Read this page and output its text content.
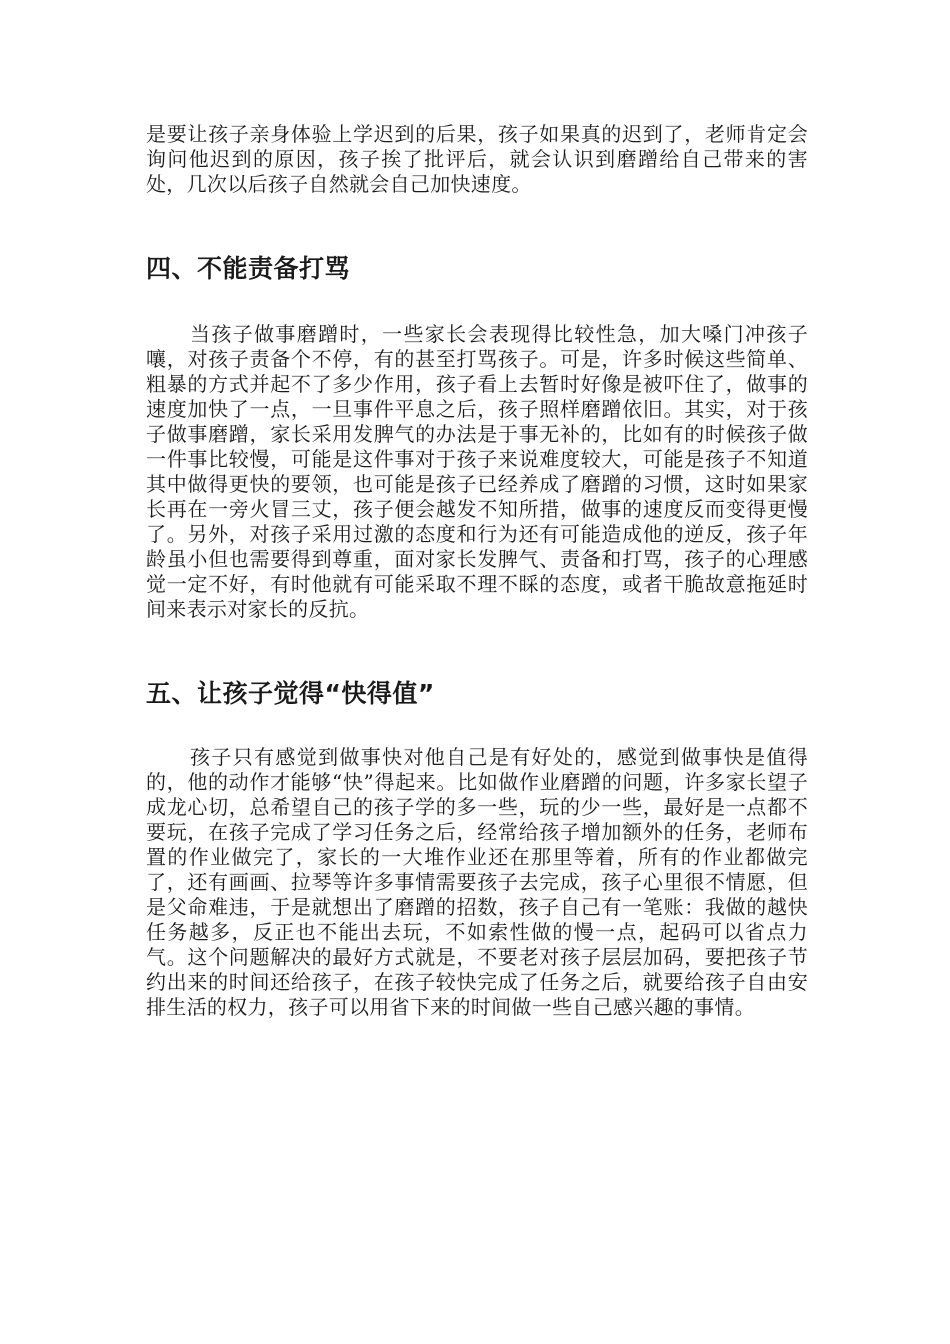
是要让孩子亲身体验上学迟到的后果，孩子如果真的迟到了，老师肯定会询问他迟到的原因，孩子挨了批评后，就会认识到磨蹭给自己带来的害处，几次以后孩子自然就会自己加快速度。

四、不能责备打骂

当孩子做事磨蹭时，一些家长会表现得比较性急，加大嗓门冲孩子嚷，对孩子责备个不停，有的甚至打骂孩子。可是，许多时候这些简单、粗暴的方式并起不了多少作用，孩子看上去暂时好像是被吓住了，做事的速度加快了一点，一旦事件平息之后，孩子照样磨蹭依旧。其实，对于孩子做事磨蹭，家长采用发脾气的办法是于事无补的，比如有的时候孩子做一件事比较慢，可能是这件事对于孩子来说难度较大，可能是孩子不知道其中做得更快的要领，也可能是孩子已经养成了磨蹭的习惯，这时如果家长再在一旁火冒三丈，孩子便会越发不知所措，做事的速度反而变得更慢了。另外，对孩子采用过激的态度和行为还有可能造成他的逆反，孩子年龄虽小但也需要得到尊重，面对家长发脾气、责备和打骂，孩子的心理感觉一定不好，有时他就有可能采取不理不睬的态度，或者干脆故意拖延时间来表示对家长的反抗。

五、让孩子觉得“快得值”

孩子只有感觉到做事快对他自己是有好处的，感觉到做事快是值得的，他的动作才能够“快”得起来。比如做作业磨蹭的问题，许多家长望子成龙心切，总希望自己的孩子学的多一些，玩的少一些，最好是一点都不要玩，在孩子完成了学习任务之后，经常给孩子增加额外的任务，老师布置的作业做完了，家长的一大堆作业还在那里等着，所有的作业都做完了，还有画画、拉琴等许多事情需要孩子去完成，孩子心里很不情愿，但是父命难违，于是就想出了磨蹭的招数，孩子自己有一笔账：我做的越快任务越多，反正也不能出去玩，不如索性做的慢一点，起码可以省点力气。这个问题解决的最好方式就是，不要老对孩子层层加码，要把孩子节约出来的时间还给孩子，在孩子较快完成了任务之后，就要给孩子自由安排生活的权力，孩子可以用省下来的时间做一些自己感兴趣的事情。
